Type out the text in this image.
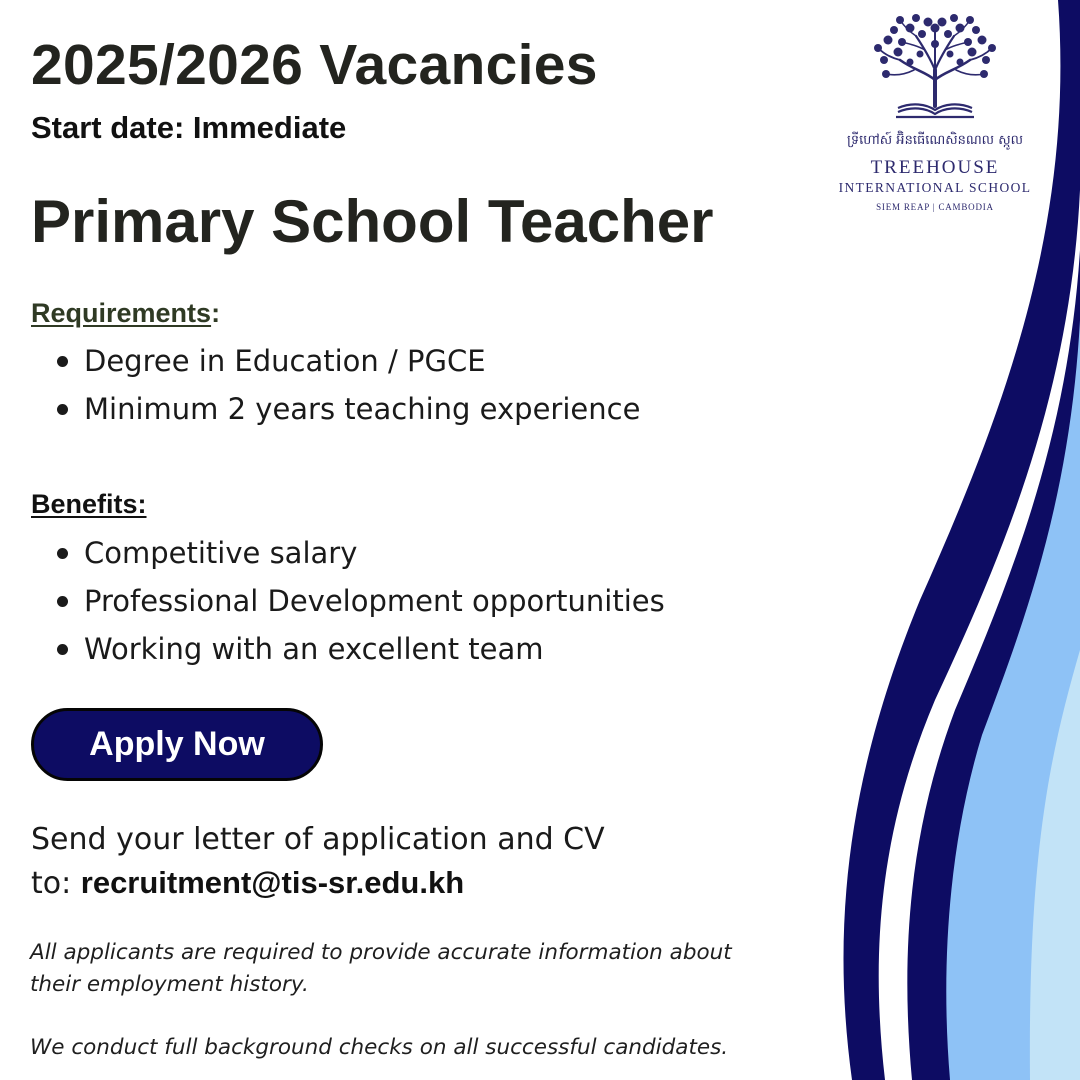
2025/2026 Vacancies

Start date: Immediate

Primary School Teacher

Requirements:

Degree in Education / PGCE
Minimum 2 years teaching experience

Benefits:

Competitive salary
Professional Development opportunities
Working with an excellent team
Apply Now

Send your letter of application and CV
to: recruitment@tis-sr.edu.kh

All applicants are required to provide accurate information about
their employment history.

We conduct full background checks on all successful candidates.

ទ្រីហៅស៍ អ៊ិនធើណេសិនណល ស្កូល
TREEHOUSE
INTERNATIONAL SCHOOL
SIEM REAP | CAMBODIA
